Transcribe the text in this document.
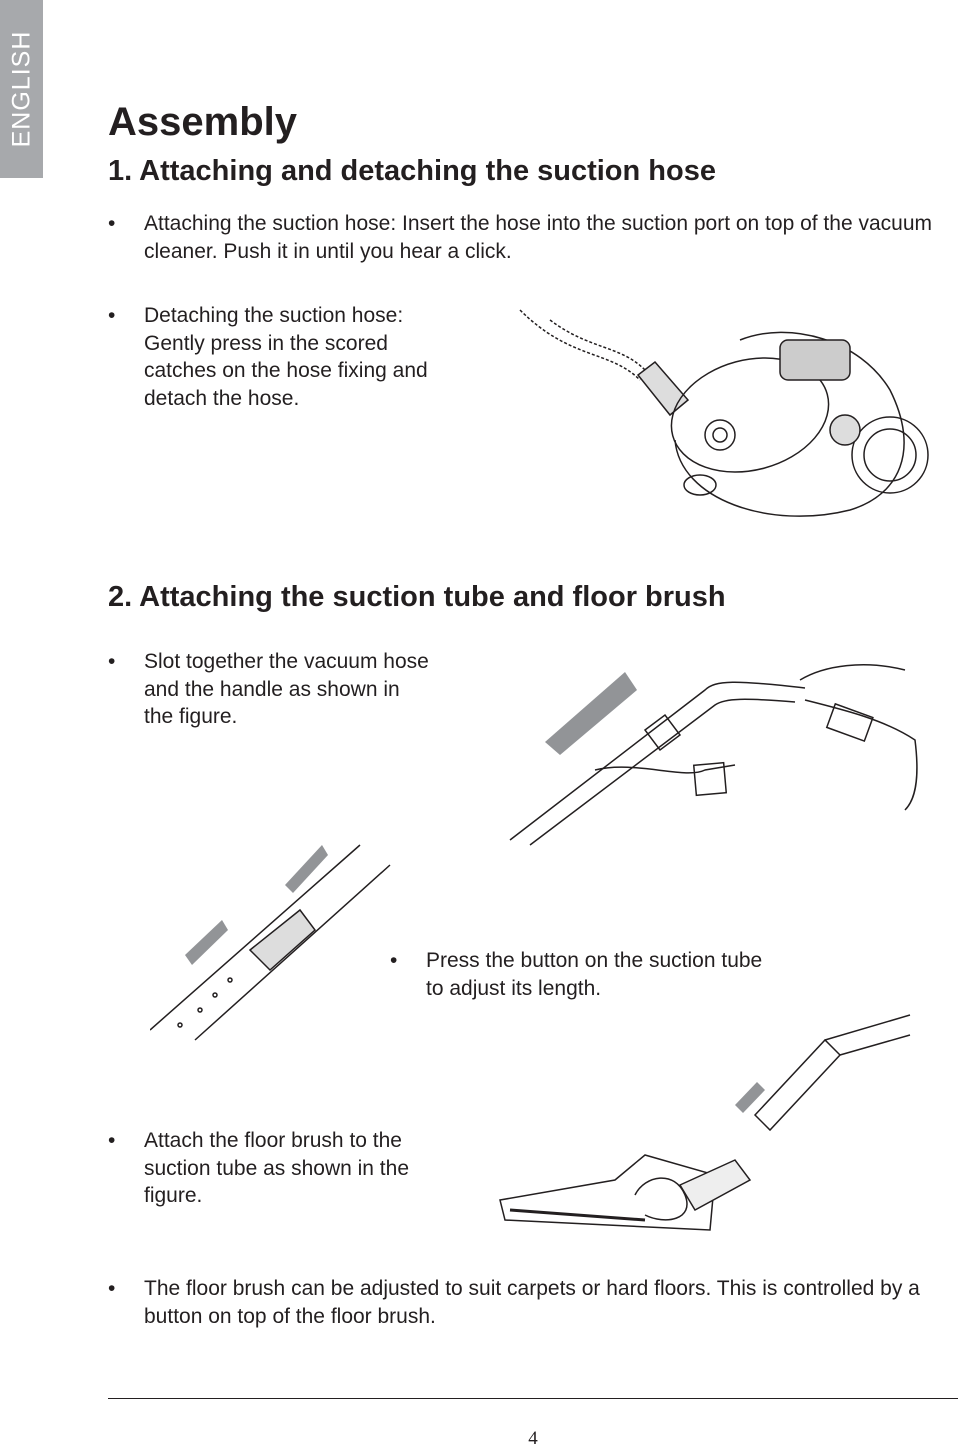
ENGLISH Assembly
1. Attaching and detaching the suction hose
• Attaching the suction hose: Insert the hose into the suction port on top of the vacuum cleaner. Push it in until you hear a click.
• Detaching the suction hose: Gently press in the scored catches on the hose fixing and detach the hose.
2. Attaching the suction tube and floor brush
• Slot together the vacuum hose and the handle as shown in the figure.
• Press the button on the suction tube to adjust its length.
• Attach the floor brush to the suction tube as shown in the figure.
• The floor brush can be adjusted to suit carpets or hard floors. This is controlled by a button on top of the floor brush.
4
